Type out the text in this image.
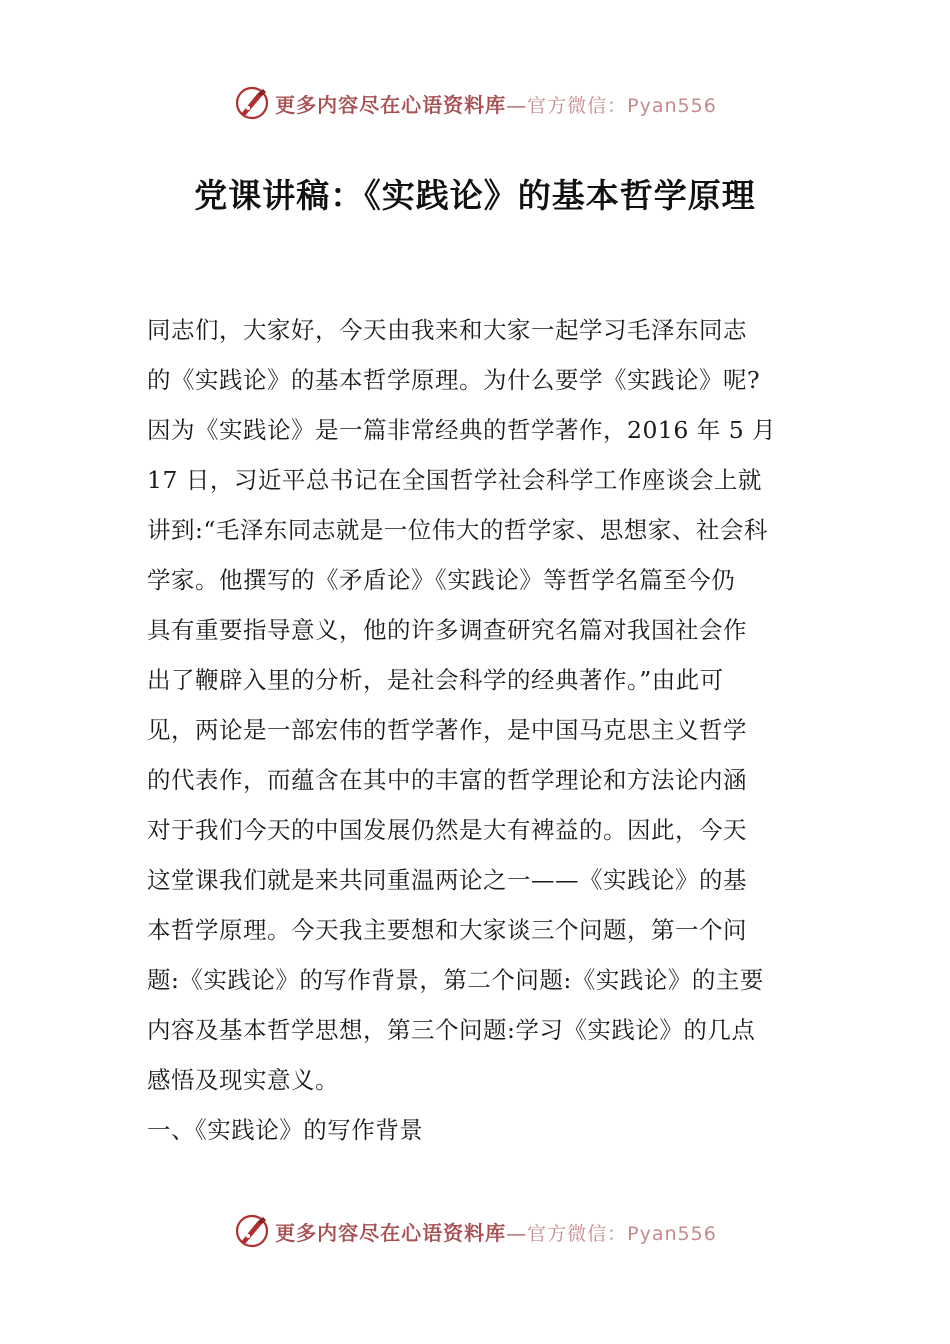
更多内容尽在心语资料库—官方微信：Pyan556
党课讲稿：《实践论》的基本哲学原理
同志们，大家好，今天由我来和大家一起学习毛泽东同志
的《实践论》的基本哲学原理。为什么要学《实践论》呢?
因为《实践论》是一篇非常经典的哲学著作，2016 年 5 月
17 日，习近平总书记在全国哲学社会科学工作座谈会上就
讲到:“毛泽东同志就是一位伟大的哲学家、思想家、社会科
学家。他撰写的《矛盾论》《实践论》等哲学名篇至今仍
具有重要指导意义，他的许多调查研究名篇对我国社会作
出了鞭辟入里的分析，是社会科学的经典著作。”由此可
见，两论是一部宏伟的哲学著作，是中国马克思主义哲学
的代表作，而蕴含在其中的丰富的哲学理论和方法论内涵
对于我们今天的中国发展仍然是大有裨益的。因此，今天
这堂课我们就是来共同重温两论之一——《实践论》的基
本哲学原理。今天我主要想和大家谈三个问题，第一个问
题:《实践论》的写作背景，第二个问题:《实践论》的主要
内容及基本哲学思想，第三个问题:学习《实践论》的几点
感悟及现实意义。
一、《实践论》的写作背景
更多内容尽在心语资料库—官方微信：Pyan556
